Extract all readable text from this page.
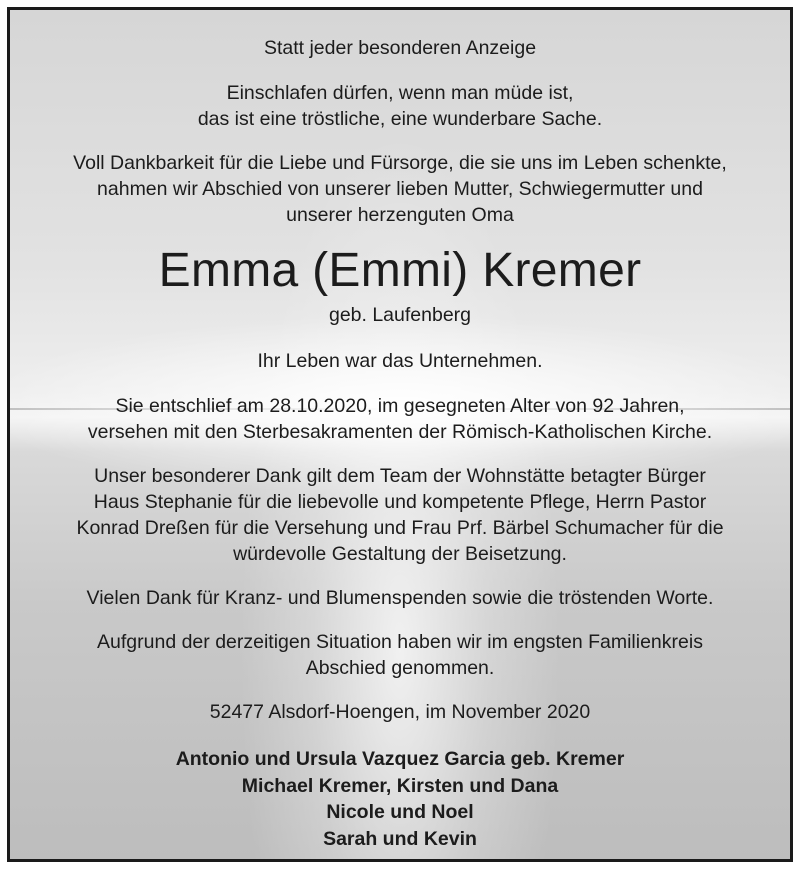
Statt jeder besonderen Anzeige
Einschlafen dürfen, wenn man müde ist,
das ist eine tröstliche, eine wunderbare Sache.
Voll Dankbarkeit für die Liebe und Fürsorge, die sie uns im Leben schenkte,
nahmen wir Abschied von unserer lieben Mutter, Schwiegermutter und
unserer herzenguten Oma
Emma (Emmi) Kremer
geb. Laufenberg
Ihr Leben war das Unternehmen.
Sie entschlief am 28.10.2020, im gesegneten Alter von 92 Jahren,
versehen mit den Sterbesakramenten der Römisch-Katholischen Kirche.
Unser besonderer Dank gilt dem Team der Wohnstätte betagter Bürger
Haus Stephanie für die liebevolle und kompetente Pflege, Herrn Pastor
Konrad Dreßen für die Versehung und Frau Prf. Bärbel Schumacher für die
würdevolle Gestaltung der Beisetzung.
Vielen Dank für Kranz- und Blumenspenden sowie die tröstenden Worte.
Aufgrund der derzeitigen Situation haben wir im engsten Familienkreis
Abschied genommen.
52477 Alsdorf-Hoengen, im November 2020
Antonio und Ursula Vazquez Garcia geb. Kremer
Michael Kremer, Kirsten und Dana
Nicole und Noel
Sarah und Kevin
